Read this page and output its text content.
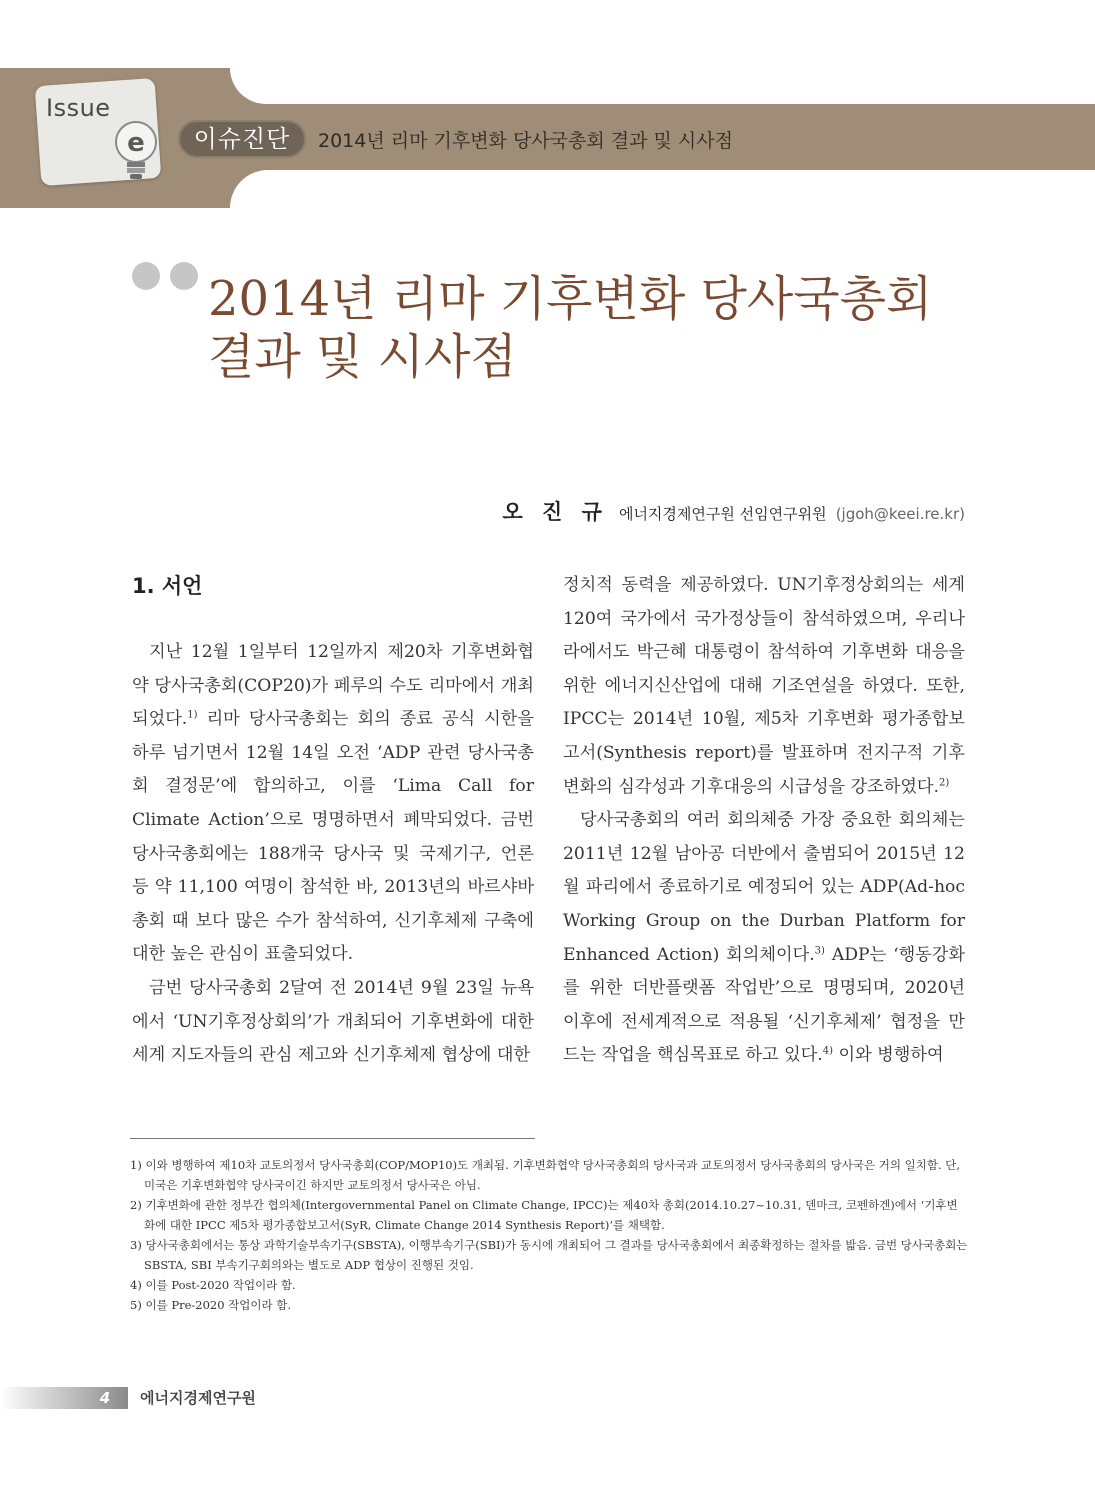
Issue
e	이슈진단	2014년 리마 기후변화 당사국총회 결과 및 시사점
2014년 리마 기후변화 당사국총회
결과 및 시사점
오 진 규 에너지경제연구원 선임연구위원 (jgoh@keei.re.kr)
1. 서언

지난 12월 1일부터 12일까지 제20차 기후변화협약 당사국총회(COP20)가 페루의 수도 리마에서 개최되었다.$^{1)}$ 리마 당사국총회는 회의 종료 공식 시한을 하루 넘기면서 12월 14일 오전 ‘ADP 관련 당사국총회 결정문’에 합의하고, 이를 ‘Lima Call for Climate Action’으로 명명하면서 폐막되었다. 금번 당사국총회에는 188개국 당사국 및 국제기구, 언론 등 약 11,100 여명이 참석한 바, 2013년의 바르샤바 총회 때 보다 많은 수가 참석하여, 신기후체제 구축에 대한 높은 관심이 표출되었다.

금번 당사국총회 2달여 전 2014년 9월 23일 뉴욕에서 ‘UN기후정상회의’가 개최되어 기후변화에 대한 세계 지도자들의 관심 제고와 신기후체제 협상에 대한

정치적 동력을 제공하였다. UN기후정상회의는 세계 120여 국가에서 국가정상들이 참석하였으며, 우리나라에서도 박근혜 대통령이 참석하여 기후변화 대응을 위한 에너지신산업에 대해 기조연설을 하였다. 또한, IPCC는 2014년 10월, 제5차 기후변화 평가종합보고서(Synthesis report)를 발표하며 전지구적 기후변화의 심각성과 기후대응의 시급성을 강조하였다.$^{2)}$

당사국총회의 여러 회의체중 가장 중요한 회의체는 2011년 12월 남아공 더반에서 출범되어 2015년 12월 파리에서 종료하기로 예정되어 있는 ADP(Ad-hoc Working Group on the Durban Platform for Enhanced Action) 회의체이다.$^{3)}$ ADP는 ‘행동강화를 위한 더반플랫폼 작업반’으로 명명되며, 2020년 이후에 전세계적으로 적용될 ‘신기후체제’ 협정을 만드는 작업을 핵심목표로 하고 있다.$^{4)}$ 이와 병행하여

1) 이와 병행하여 제10차 교토의정서 당사국총회(COP/MOP10)도 개최됨. 기후변화협약 당사국총회의 당사국과 교토의정서 당사국총회의 당사국은 거의 일치함. 단, 미국은 기후변화협약 당사국이긴 하지만 교토의정서 당사국은 아님.
2) 기후변화에 관한 정부간 협의체(Intergovernmental Panel on Climate Change, IPCC)는 제40차 총회(2014.10.27~10.31, 덴마크, 코펜하겐)에서 ‘기후변화에 대한 IPCC 제5차 평가종합보고서(SyR, Climate Change 2014 Synthesis Report)’를 채택함.
3) 당사국총회에서는 통상 과학기술부속기구(SBSTA), 이행부속기구(SBI)가 동시에 개최되어 그 결과를 당사국총회에서 최종확정하는 절차를 밟음. 금번 당사국총회는 SBSTA, SBI 부속기구회의와는 별도로 ADP 협상이 진행된 것임.
4) 이를 Post-2020 작업이라 함.
5) 이를 Pre-2020 작업이라 함.
4	에너지경제연구원
